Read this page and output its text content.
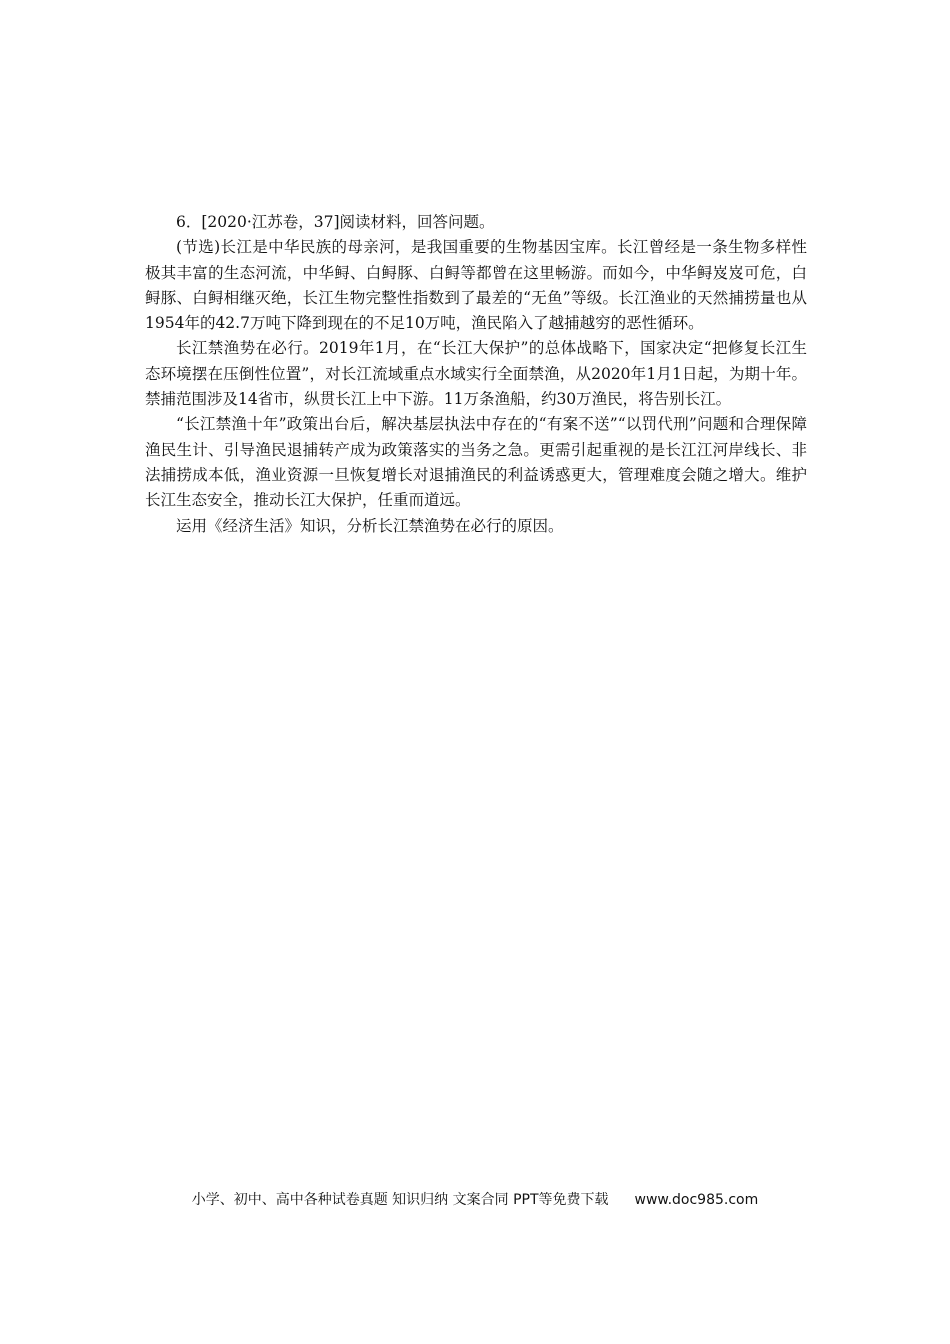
6．[2020·江苏卷，37]阅读材料，回答问题。

(节选)长江是中华民族的母亲河，是我国重要的生物基因宝库。长江曾经是一条生物多样性极其丰富的生态河流，中华鲟、白鲟豚、白鲟等都曾在这里畅游。而如今，中华鲟岌岌可危，白鲟豚、白鲟相继灭绝，长江生物完整性指数到了最差的“无鱼”等级。长江渔业的天然捕捞量也从1954年的42.7万吨下降到现在的不足10万吨，渔民陷入了越捕越穷的恶性循环。

长江禁渔势在必行。2019年1月，在“长江大保护”的总体战略下，国家决定“把修复长江生态环境摆在压倒性位置”，对长江流域重点水域实行全面禁渔，从2020年1月1日起，为期十年。禁捕范围涉及14省市，纵贯长江上中下游。11万条渔船，约30万渔民，将告别长江。

“长江禁渔十年”政策出台后，解决基层执法中存在的“有案不送”“以罚代刑”问题和合理保障渔民生计、引导渔民退捕转产成为政策落实的当务之急。更需引起重视的是长江江河岸线长、非法捕捞成本低，渔业资源一旦恢复增长对退捕渔民的利益诱惑更大，管理难度会随之增大。维护长江生态安全，推动长江大保护，任重而道远。

运用《经济生活》知识，分析长江禁渔势在必行的原因。

小学、初中、高中各种试卷真题 知识归纳 文案合同 PPT等免费下载 www.doc985.com
